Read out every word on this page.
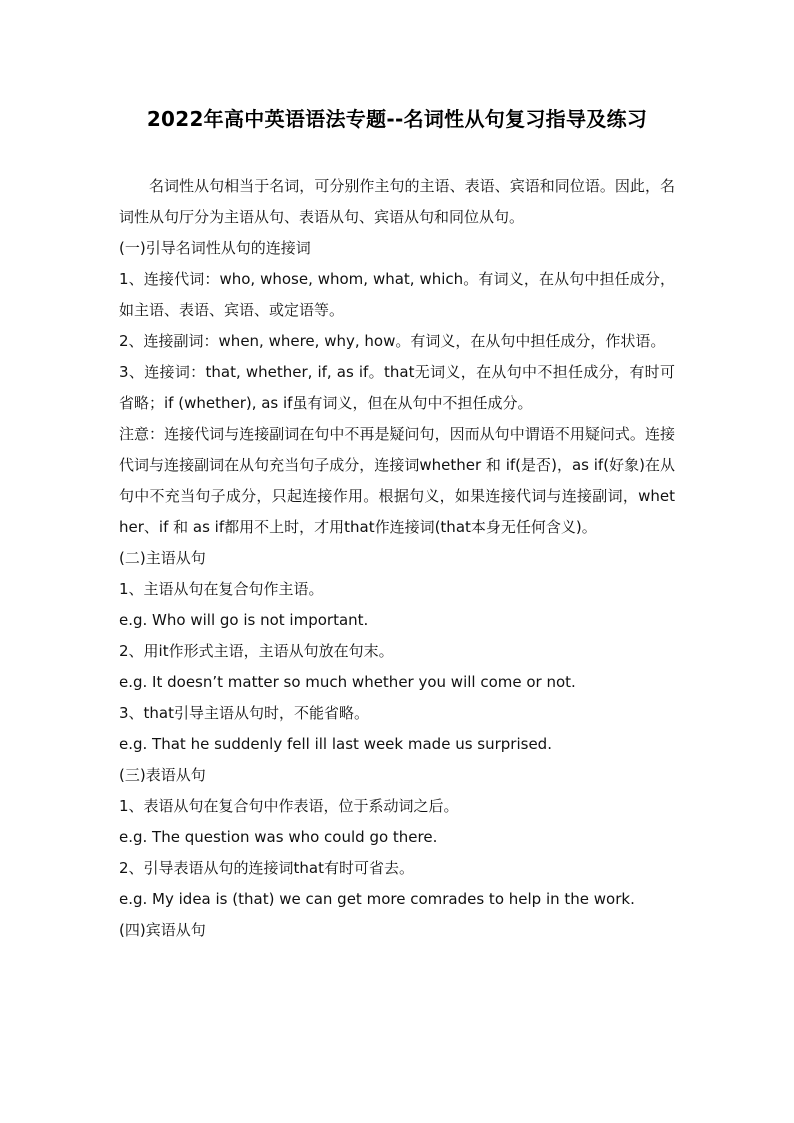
2022年高中英语语法专题--名词性从句复习指导及练习

名词性从句相当于名词，可分别作主句的主语、表语、宾语和同位语。因此，名词性从句厅分为主语从句、表语从句、宾语从句和同位从句。

(一)引导名词性从句的连接词

1、连接代词：who, whose, whom, what, which。有词义，在从句中担任成分，如主语、表语、宾语、或定语等。

2、连接副词：when, where, why, how。有词义，在从句中担任成分，作状语。

3、连接词：that, whether, if, as if。that无词义，在从句中不担任成分，有时可省略；if (whether), as if虽有词义，但在从句中不担任成分。

注意：连接代词与连接副词在句中不再是疑问句，因而从句中谓语不用疑问式。连接代词与连接副词在从句充当句子成分，连接词whether 和 if(是否)，as if(好象)在从句中不充当句子成分，只起连接作用。根据句义，如果连接代词与连接副词，whether、if 和 as if都用不上时，才用that作连接词(that本身无任何含义)。

(二)主语从句

1、主语从句在复合句作主语。

e.g. Who will go is not important.

2、用it作形式主语，主语从句放在句末。

e.g. It doesn’t matter so much whether you will come or not.

3、that引导主语从句时，不能省略。

e.g. That he suddenly fell ill last week made us surprised.

(三)表语从句

1、表语从句在复合句中作表语，位于系动词之后。

e.g. The question was who could go there.

2、引导表语从句的连接词that有时可省去。

e.g. My idea is (that) we can get more comrades to help in the work.

(四)宾语从句
